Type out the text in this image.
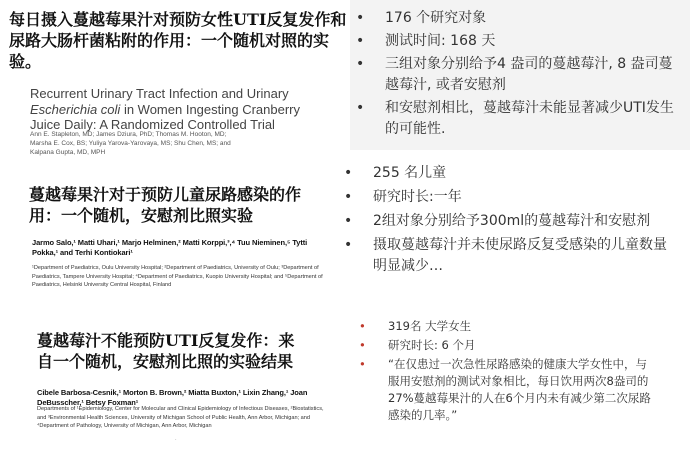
每日摄入蔓越莓果汁对预防女性UTI反复发作和尿路大肠杆菌粘附的作用：一个随机对照的实验。
Recurrent Urinary Tract Infection and Urinary
Escherichia coli in Women Ingesting Cranberry
Juice Daily: A Randomized Controlled Trial
Ann E. Stapleton, MD; James Dziura, PhD; Thomas M. Hooton, MD;
Marsha E. Cox, BS; Yuliya Yarova-Yarovaya, MS; Shu Chen, MS; and
Kalpana Gupta, MD, MPH
• 176 个研究对象
• 测试时间: 168 天
• 三组对象分别给予4 盎司的蔓越莓汁, 8 盎司蔓越莓汁, 或者安慰剂
• 和安慰剂相比，蔓越莓汁未能显著减少UTI发生的可能性.
蔓越莓果汁对于预防儿童尿路感染的作用：一个随机，安慰剂比照实验
Jarmo Salo,¹ Matti Uhari,¹ Marjo Helminen,² Matti Korppi,³,⁴ Tuu Nieminen,⁵ Tytti Pokka,¹ and Terhi Kontiokari¹
¹Department of Paediatrics, Oulu University Hospital; ²Department of Paediatrics, University of Oulu; ³Department of Paediatrics, Tampere University Hospital; ⁴Department of Paediatrics, Kuopio University Hospital; and ⁵Department of Paediatrics, Helsinki University Central Hospital, Finland
• 255 名儿童
• 研究时长:一年
• 2组对象分别给予300ml的蔓越莓汁和安慰剂
• 摄取蔓越莓汁并未使尿路反复受感染的儿童数量明显减少…
蔓越莓汁不能预防UTI反复发作：来自一个随机，安慰剂比照的实验结果
Cibele Barbosa-Cesnik,¹ Morton B. Brown,² Miatta Buxton,¹ Lixin Zhang,¹ Joan DeBusscher,¹ Betsy Foxman¹
Departments of ¹Epidemiology, Center for Molecular and Clinical Epidemiology of Infectious Diseases, ²Biostatistics, and ³Environmental Health Sciences, University of Michigan School of Public Health, Ann Arbor, Michigan; and ⁴Department of Pathology, University of Michigan, Ann Arbor, Michigan
·
• 319名 大学女生
• 研究时长: 6 个月
• “在仅患过一次急性尿路感染的健康大学女性中，与服用安慰剂的测试对象相比，每日饮用两次8盎司的27%蔓越莓果汁的人在6个月内未有减少第二次尿路感染的几率。”
